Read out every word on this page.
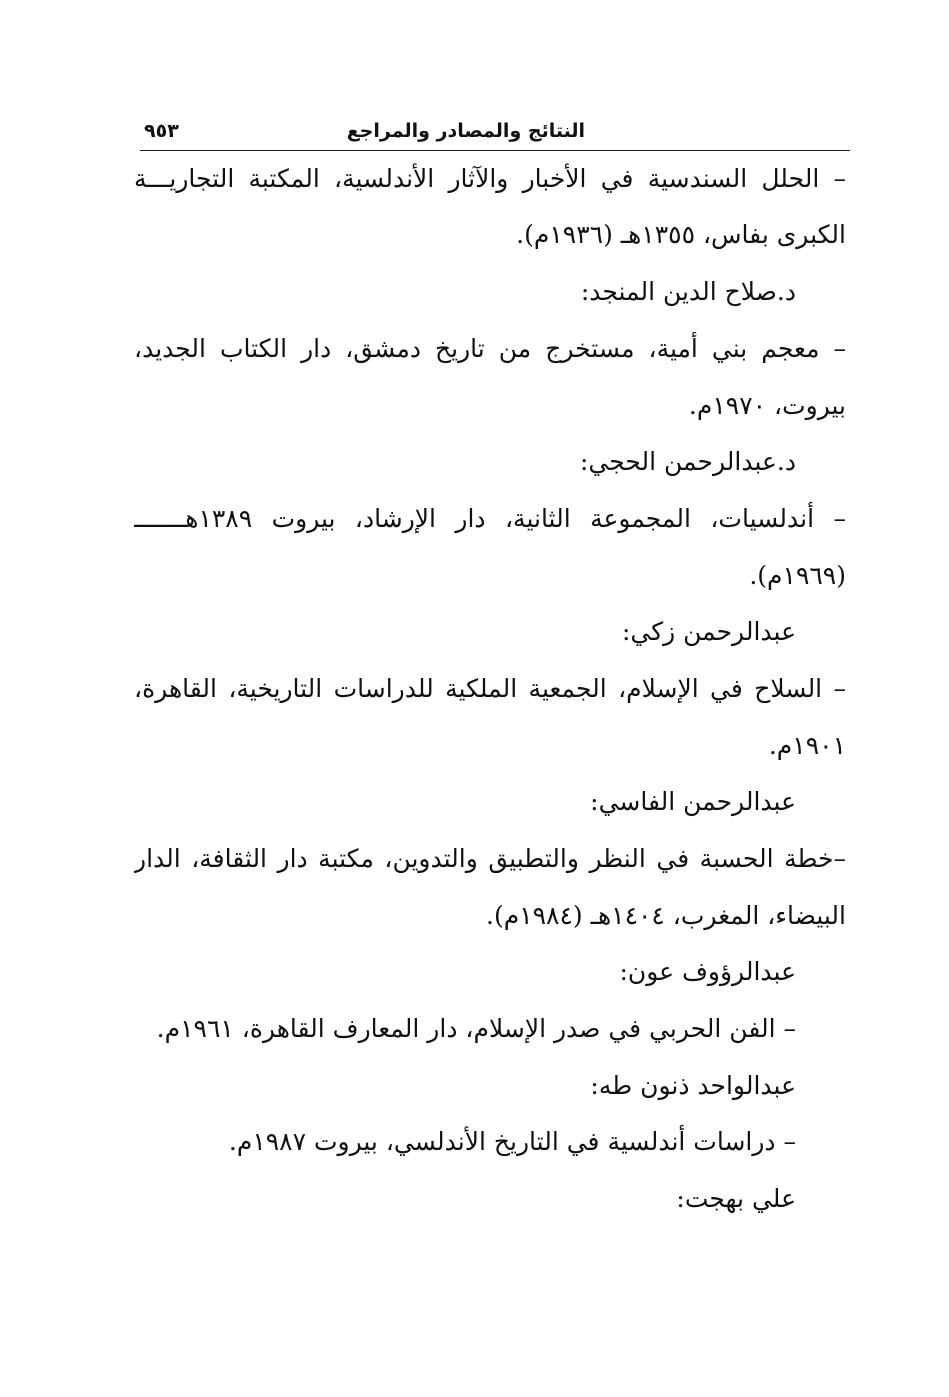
النتائج والمصادر والمراجع
٩٥٣
– الحلل السندسية في الأخبار والآثار الأندلسية، المكتبة التجاريـــة
الكبرى بفاس، ١٣٥٥هـ (١٩٣٦م).
د.صلاح الدين المنجد:
– معجم بني أمية، مستخرج من تاريخ دمشق، دار الكتاب الجديد،
بيروت، ١٩٧٠م.
د.عبدالرحمن الحجي:
– أندلسيات، المجموعة الثانية، دار الإرشاد، بيروت ١٣٨٩هـــــــ
(١٩٦٩م).
عبدالرحمن زكي:
– السلاح في الإسلام، الجمعية الملكية للدراسات التاريخية، القاهرة،
١٩٠١م.
عبدالرحمن الفاسي:
–خطة الحسبة في النظر والتطبيق والتدوين، مكتبة دار الثقافة، الدار
البيضاء، المغرب، ١٤٠٤هـ (١٩٨٤م).
عبدالرؤوف عون:
– الفن الحربي في صدر الإسلام، دار المعارف القاهرة، ١٩٦١م.
عبدالواحد ذنون طه:
– دراسات أندلسية في التاريخ الأندلسي، بيروت ١٩٨٧م.
علي بهجت:
